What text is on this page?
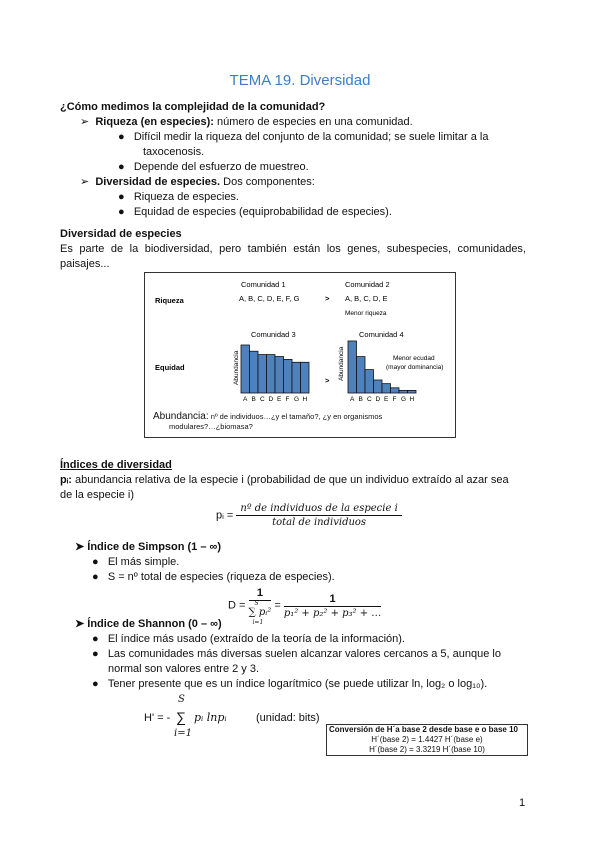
TEMA 19. Diversidad
¿Cómo medimos la complejidad de la comunidad?
➢  Riqueza (en especies): número de especies en una comunidad.
●   Difícil medir la riqueza del conjunto de la comunidad; se suele limitar a la
taxocenosis.
●   Depende del esfuerzo de muestreo.
➢  Diversidad de especies. Dos componentes:
●   Riqueza de especies.
●   Equidad de especies (equiprobabilidad de especies).
Diversidad de especies
Es parte de la biodiversidad, pero también están los genes, subespecies, comunidades, paisajes...
Riqueza
Equidad
Comunidad 1
A, B, C, D, E, F, G	>
Comunidad 2
A, B, C, D, E
Menor riqueza
Comunidad 3	Comunidad 4
Abundancia	Abundancia
>
Menor ecudad
(mayor dominancia)
A B C D E F G H	A B C D E F G H
Abundancia: nº de individuos…¿y el tamaño?, ¿y en organismos
modulares?…¿biomasa?
Índices de diversidad
pᵢ: abundancia relativa de la especie i (probabilidad de que un individuo extraído al azar sea
de la especie i)
pᵢ = $\frac{\text{nº de individuos de la especie i}}{\text{total de individuos}}$
➤ Índice de Simpson (1 – ∞)
●   El más simple.
●   S = nº total de especies (riqueza de especies).
D = 1
S
∑ pᵢ²
$i=1 = \frac{1}{\text{p₁² + p₂² + p₃² + …}}$
➤ Índice de Shannon (0 – ∞)
●   El índice más usado (extraído de la teoría de la información).
●   Las comunidades más diversas suelen alcanzar valores cercanos a 5, aunque lo
normal son valores entre 2 y 3.
●   Tener presente que es un índice logarítmico (se puede utilizar ln, log₂ o log₁₀).
S
H' = - ∑
i=1
pᵢ lnpᵢ	(unidad: bits)
Conversión de H´a base 2 desde base e o base 10
H´(base 2) = 1.4427 H´(base e)
H´(base 2) = 3.3219 H´(base 10)
1
